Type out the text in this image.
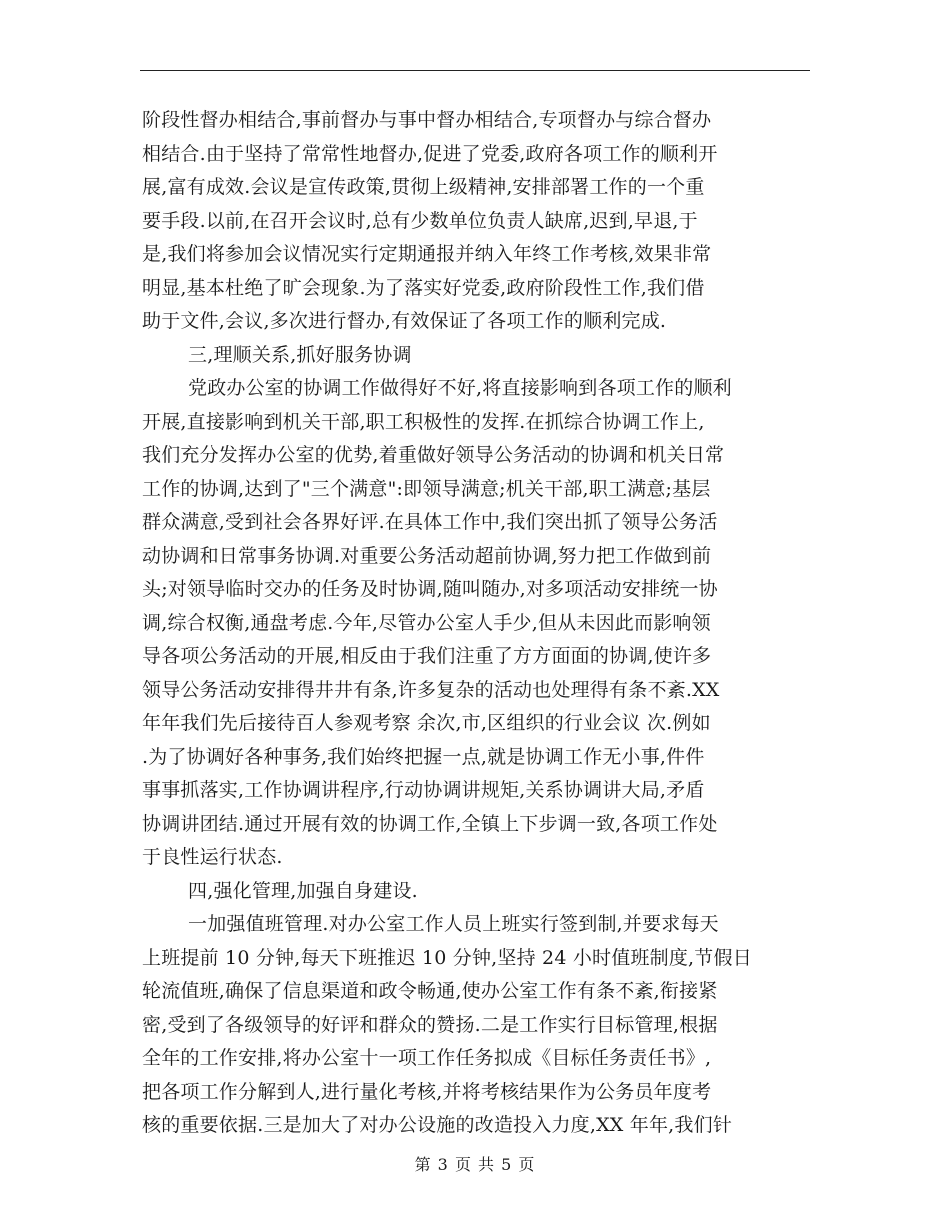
阶段性督办相结合,事前督办与事中督办相结合,专项督办与综合督办
相结合.由于坚持了常常性地督办,促进了党委,政府各项工作的顺利开
展,富有成效.会议是宣传政策,贯彻上级精神,安排部署工作的一个重
要手段.以前,在召开会议时,总有少数单位负责人缺席,迟到,早退,于
是,我们将参加会议情况实行定期通报并纳入年终工作考核,效果非常
明显,基本杜绝了旷会现象.为了落实好党委,政府阶段性工作,我们借
助于文件,会议,多次进行督办,有效保证了各项工作的顺利完成.
三,理顺关系,抓好服务协调
党政办公室的协调工作做得好不好,将直接影响到各项工作的顺利
开展,直接影响到机关干部,职工积极性的发挥.在抓综合协调工作上,
我们充分发挥办公室的优势,着重做好领导公务活动的协调和机关日常
工作的协调,达到了"三个满意":即领导满意;机关干部,职工满意;基层
群众满意,受到社会各界好评.在具体工作中,我们突出抓了领导公务活
动协调和日常事务协调.对重要公务活动超前协调,努力把工作做到前
头;对领导临时交办的任务及时协调,随叫随办,对多项活动安排统一协
调,综合权衡,通盘考虑.今年,尽管办公室人手少,但从未因此而影响领
导各项公务活动的开展,相反由于我们注重了方方面面的协调,使许多
领导公务活动安排得井井有条,许多复杂的活动也处理得有条不紊.XX
年年我们先后接待百人参观考察 余次,市,区组织的行业会议 次.例如
.为了协调好各种事务,我们始终把握一点,就是协调工作无小事,件件
事事抓落实,工作协调讲程序,行动协调讲规矩,关系协调讲大局,矛盾
协调讲团结.通过开展有效的协调工作,全镇上下步调一致,各项工作处
于良性运行状态.
四,强化管理,加强自身建设.
一加强值班管理.对办公室工作人员上班实行签到制,并要求每天
上班提前 10 分钟,每天下班推迟 10 分钟,坚持 24 小时值班制度,节假日
轮流值班,确保了信息渠道和政令畅通,使办公室工作有条不紊,衔接紧
密,受到了各级领导的好评和群众的赞扬.二是工作实行目标管理,根据
全年的工作安排,将办公室十一项工作任务拟成《目标任务责任书》,
把各项工作分解到人,进行量化考核,并将考核结果作为公务员年度考
核的重要依据.三是加大了对办公设施的改造投入力度,XX 年年,我们针
第 3 页 共 5 页
